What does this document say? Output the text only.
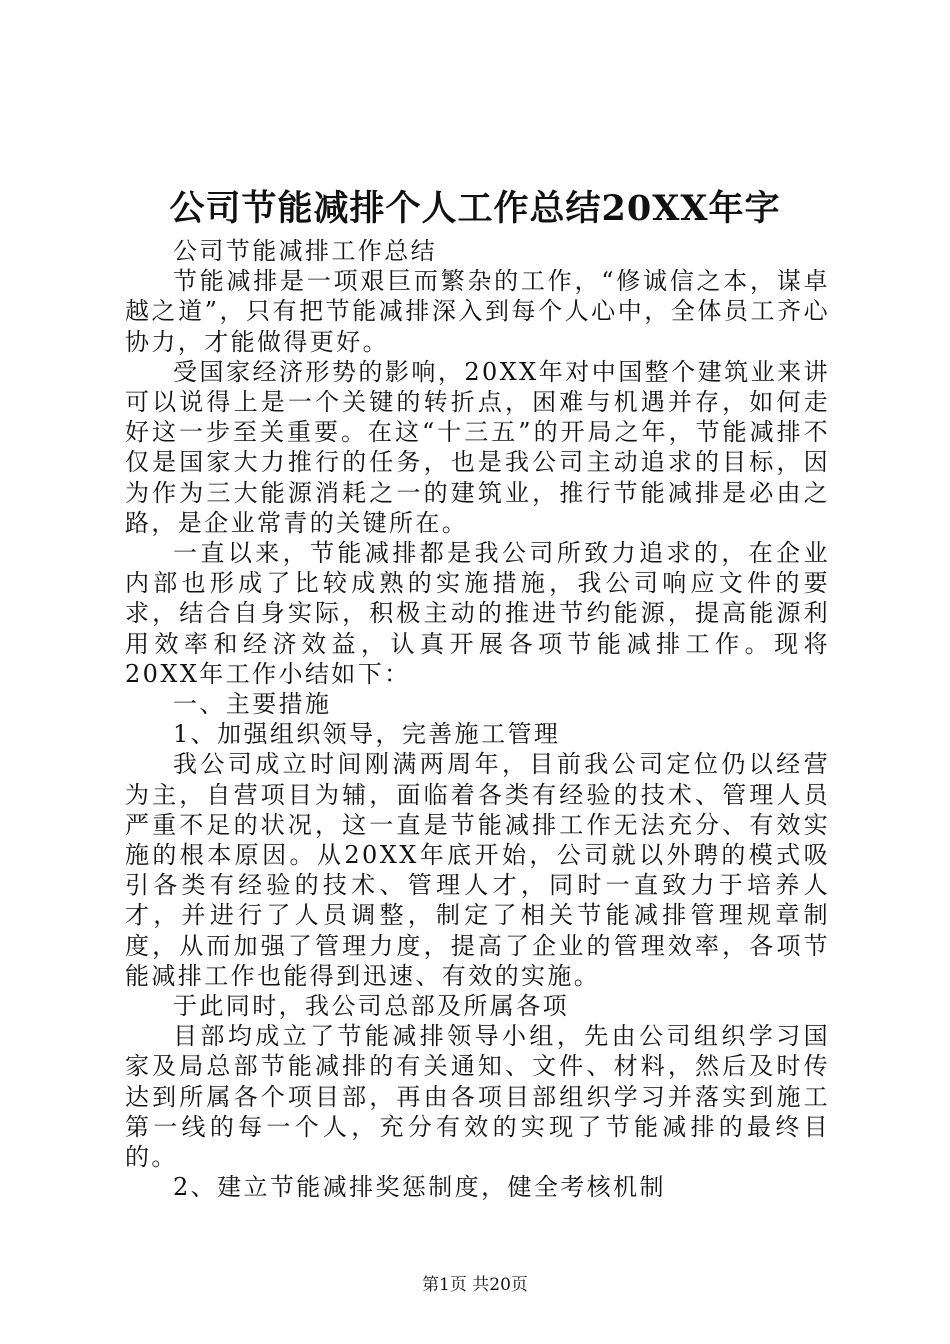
公司节能减排个人工作总结20XX年字

公司节能减排工作总结

节能减排是一项艰巨而繁杂的工作，“修诚信之本，谋卓越之道”，只有把节能减排深入到每个人心中，全体员工齐心协力，才能做得更好。

受国家经济形势的影响，20XX年对中国整个建筑业来讲可以说得上是一个关键的转折点，困难与机遇并存，如何走好这一步至关重要。在这“十三五”的开局之年，节能减排不仅是国家大力推行的任务，也是我公司主动追求的目标，因为作为三大能源消耗之一的建筑业，推行节能减排是必由之路，是企业常青的关键所在。

一直以来，节能减排都是我公司所致力追求的，在企业内部也形成了比较成熟的实施措施，我公司响应文件的要求，结合自身实际，积极主动的推进节约能源，提高能源利用效率和经济效益，认真开展各项节能减排工作。现将20XX年工作小结如下：

一、主要措施

1、加强组织领导，完善施工管理

我公司成立时间刚满两周年，目前我公司定位仍以经营为主，自营项目为辅，面临着各类有经验的技术、管理人员严重不足的状况，这一直是节能减排工作无法充分、有效实施的根本原因。从20XX年底开始，公司就以外聘的模式吸引各类有经验的技术、管理人才，同时一直致力于培养人才，并进行了人员调整，制定了相关节能减排管理规章制度，从而加强了管理力度，提高了企业的管理效率，各项节能减排工作也能得到迅速、有效的实施。

于此同时，我公司总部及所属各项

目部均成立了节能减排领导小组，先由公司组织学习国家及局总部节能减排的有关通知、文件、材料，然后及时传达到所属各个项目部，再由各项目部组织学习并落实到施工第一线的每一个人，充分有效的实现了节能减排的最终目的。

2、建立节能减排奖惩制度，健全考核机制

第1页 共20页
